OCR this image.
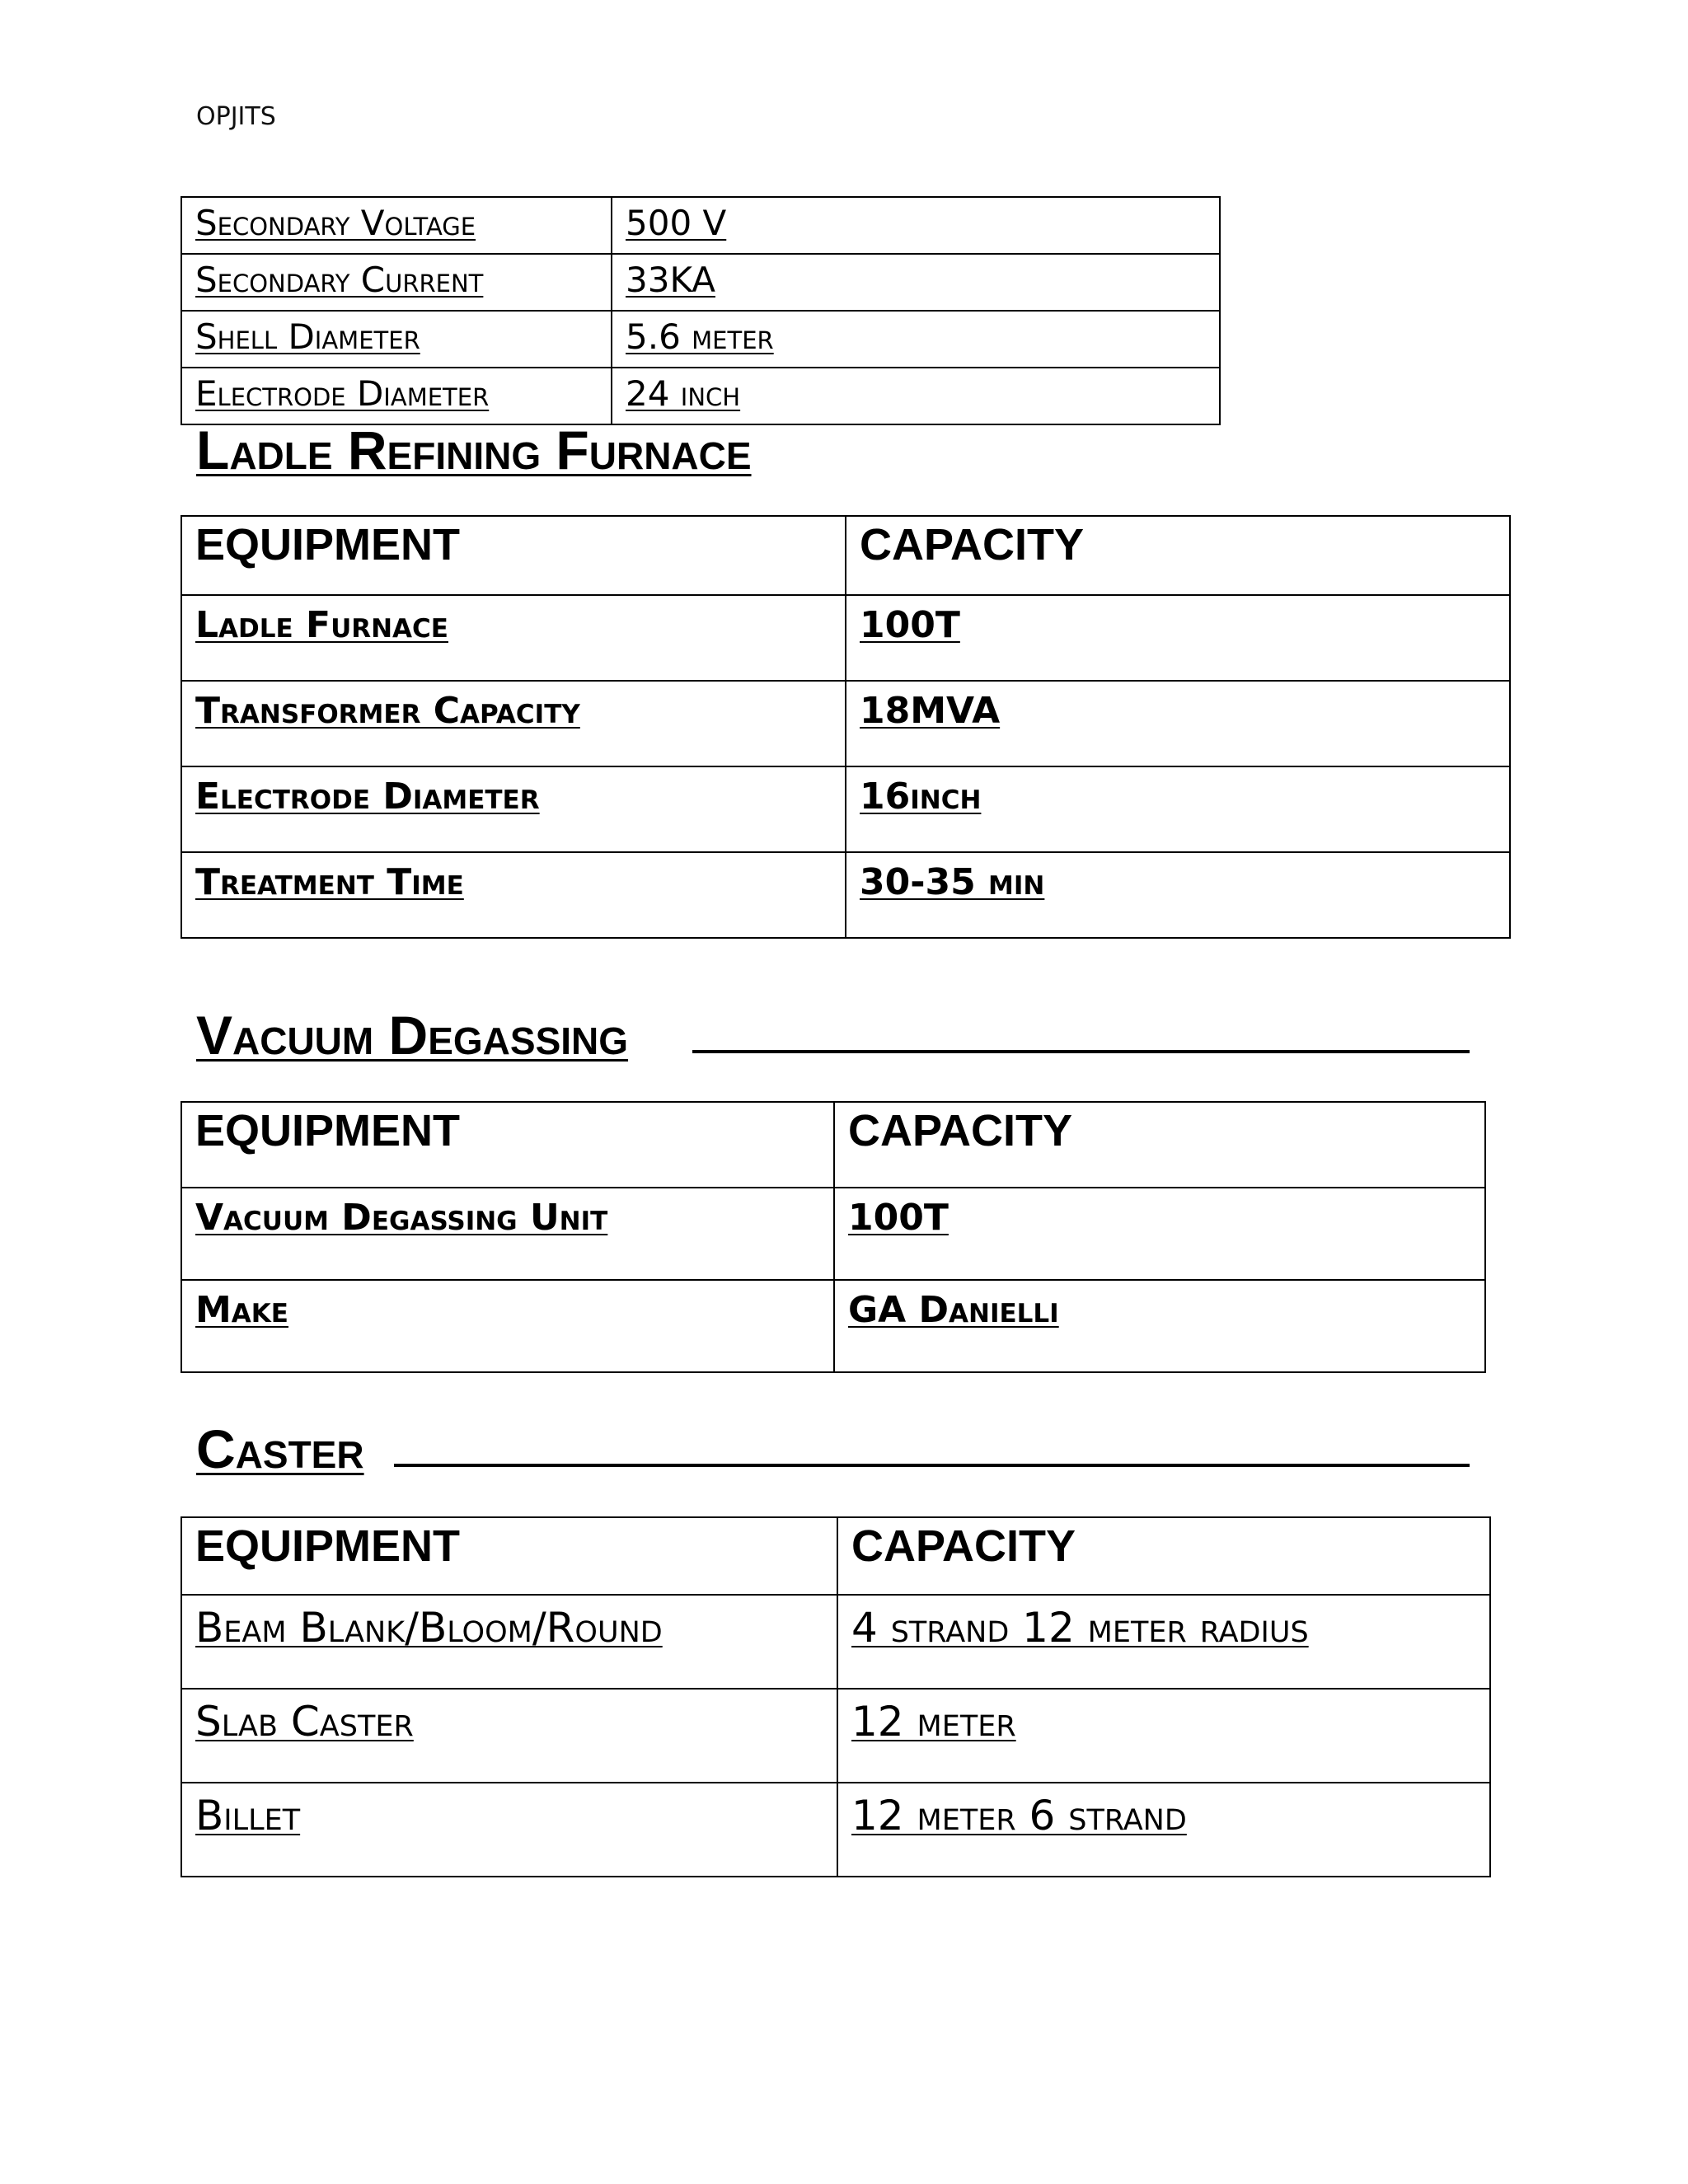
OPJITS
Secondary Voltage	500 V
Secondary Current	33KA
Shell Diameter	5.6 meter
Electrode Diameter	24 inch
Ladle Refining Furnace
EQUIPMENT	CAPACITY
Ladle Furnace	100T
Transformer Capacity	18MVA
Electrode Diameter	16inch
Treatment Time	30-35 min
Vacuum Degassing
EQUIPMENT	CAPACITY
Vacuum Degassing Unit	100T
Make	GA Danielli
Caster
EQUIPMENT	CAPACITY
Beam Blank/Bloom/Round	4 strand 12 meter radius
Slab Caster	12 meter
Billet	12 meter 6 strand
